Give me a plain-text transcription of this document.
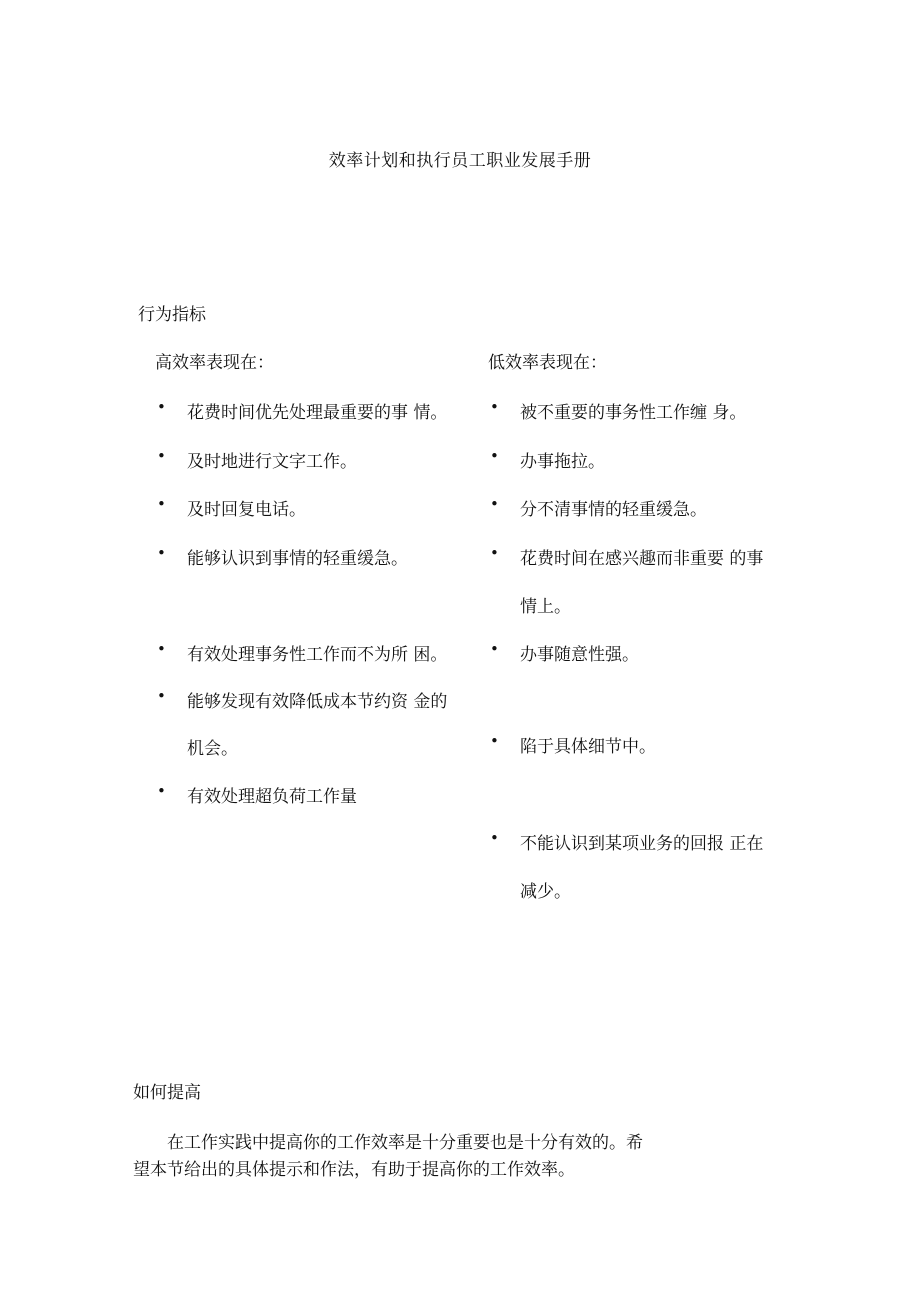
效率计划和执行员工职业发展手册
行为指标
高效率表现在：	低效率表现在：
• 花费时间优先处理最重要的事 情。
• 及时地进行文字工作。
• 及时回复电话。
• 能够认识到事情的轻重缓急。
• 有效处理事务性工作而不为所 困。
• 能够发现有效降低成本节约资 金的
机会。
• 有效处理超负荷工作量
• 被不重要的事务性工作缠 身。
• 办事拖拉。
• 分不清事情的轻重缓急。
• 花费时间在感兴趣而非重要 的事
情上。
• 办事随意性强。
• 陷于具体细节中。
• 不能认识到某项业务的回报 正在
减少。
如何提高
在工作实践中提高你的工作效率是十分重要也是十分有效的。希
望本节给出的具体提示和作法，有助于提高你的工作效率。
